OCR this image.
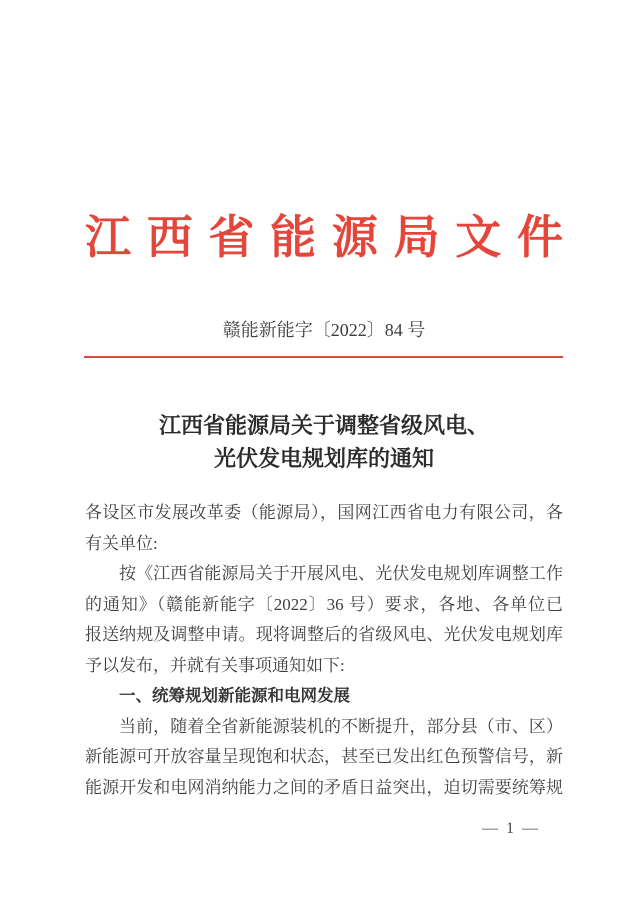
江西省能源局文件
赣能新能字〔2022〕84 号
江西省能源局关于调整省级风电、
光伏发电规划库的通知
各设区市发展改革委（能源局），国网江西省电力有限公司，各
有关单位:
按《江西省能源局关于开展风电、光伏发电规划库调整工作
的通知》（赣能新能字〔2022〕36 号）要求，各地、各单位已
报送纳规及调整申请。现将调整后的省级风电、光伏发电规划库
予以发布，并就有关事项通知如下:
一、统筹规划新能源和电网发展
当前，随着全省新能源装机的不断提升，部分县（市、区）
新能源可开放容量呈现饱和状态，甚至已发出红色预警信号，新
能源开发和电网消纳能力之间的矛盾日益突出，迫切需要统筹规
— 1 —
